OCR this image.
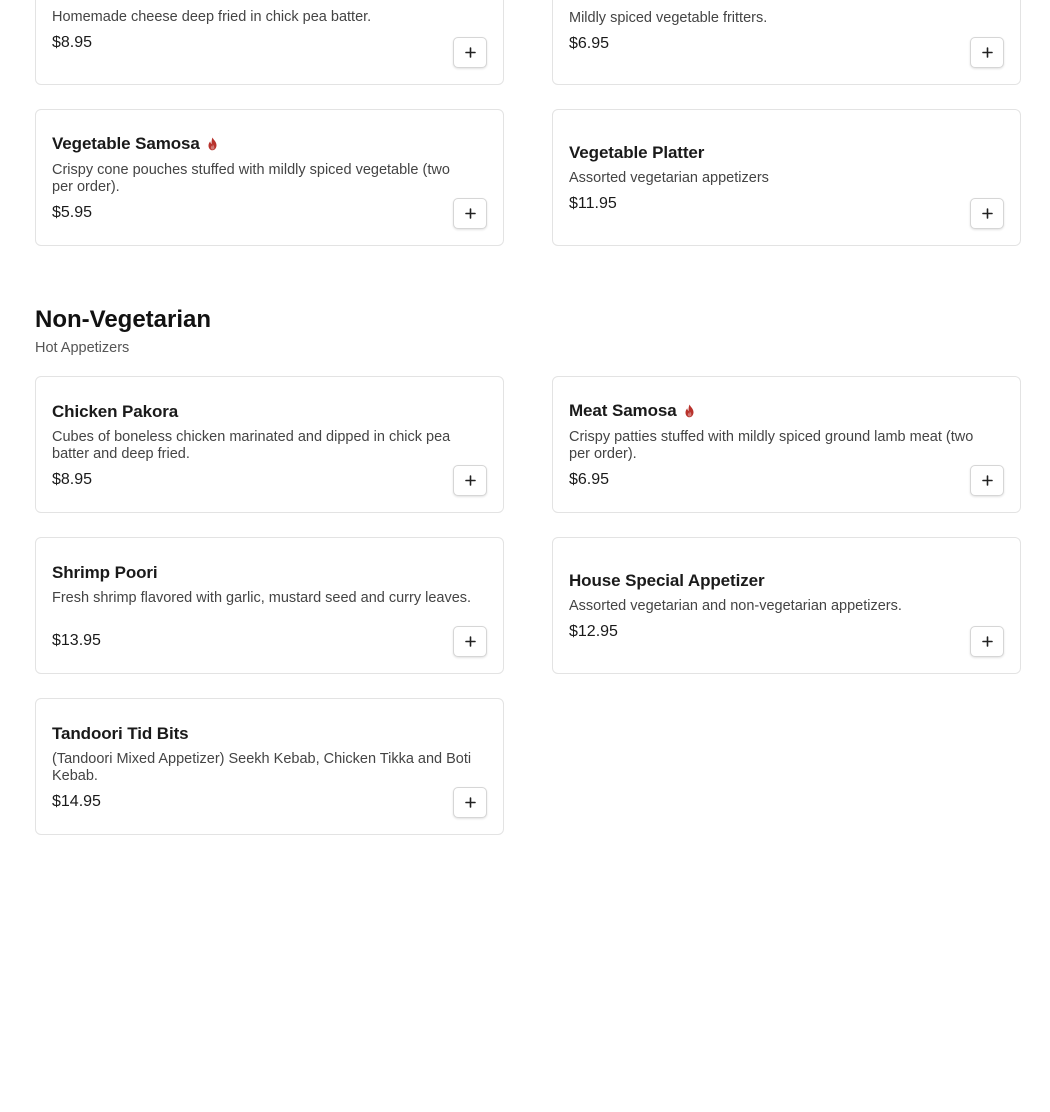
Homemade cheese deep fried in chick pea batter.
$8.95
Mildly spiced vegetable fritters.
$6.95
Vegetable Samosa
Crispy cone pouches stuffed with mildly spiced vegetable (two per order).
$5.95
Vegetable Platter
Assorted vegetarian appetizers
$11.95
Non-Vegetarian
Hot Appetizers
Chicken Pakora
Cubes of boneless chicken marinated and dipped in chick pea batter and deep fried.
$8.95
Meat Samosa
Crispy patties stuffed with mildly spiced ground lamb meat (two per order).
$6.95
Shrimp Poori
Fresh shrimp flavored with garlic, mustard seed and curry leaves.
$13.95
House Special Appetizer
Assorted vegetarian and non-vegetarian appetizers.
$12.95
Tandoori Tid Bits
(Tandoori Mixed Appetizer) Seekh Kebab, Chicken Tikka and Boti Kebab.
$14.95
